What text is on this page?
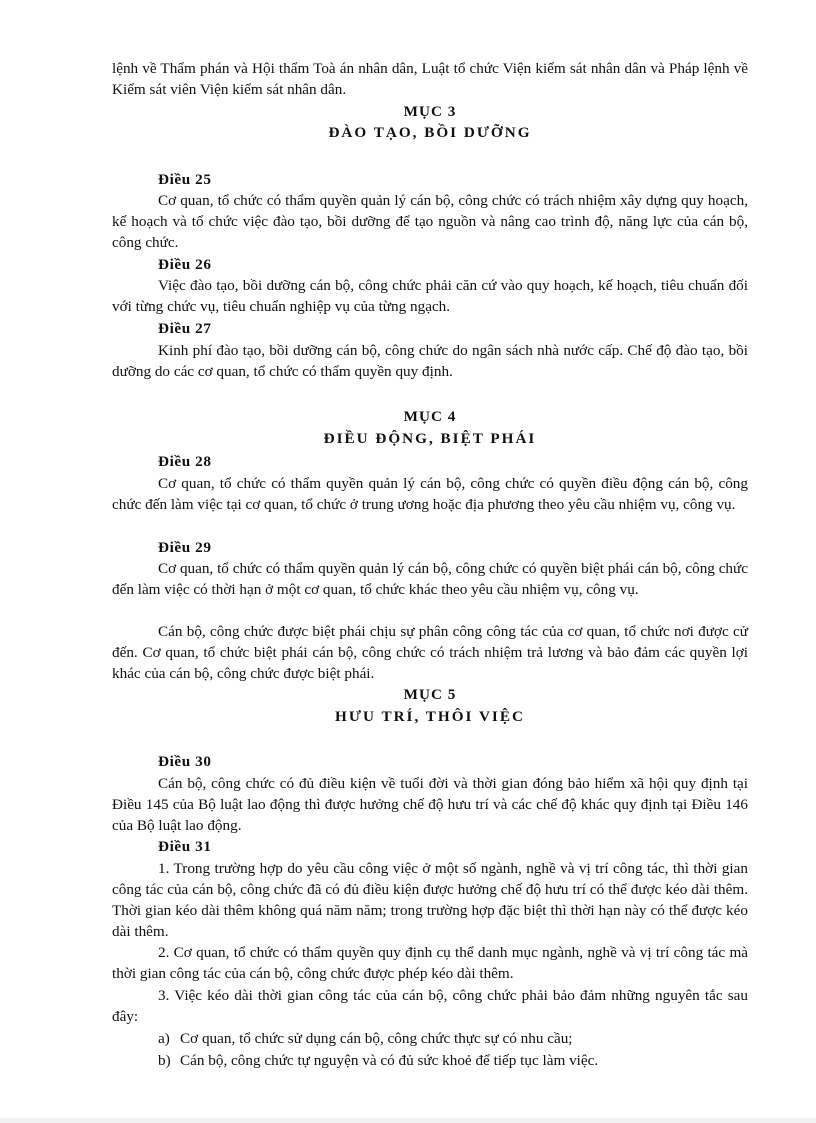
lệnh về Thẩm phán và Hội thẩm Toà án nhân dân, Luật tổ chức Viện kiểm sát nhân dân và Pháp lệnh về Kiểm sát viên Viện kiểm sát nhân dân.

MỤC 3

ĐÀO TẠO, BỒI DƯỠNG

Điều 25

Cơ quan, tổ chức có thẩm quyền quản lý cán bộ, công chức có trách nhiệm xây dựng quy hoạch, kế hoạch và tổ chức việc đào tạo, bồi dưỡng để tạo nguồn và nâng cao trình độ, năng lực của cán bộ, công chức.

Điều 26

Việc đào tạo, bồi dưỡng cán bộ, công chức phải căn cứ vào quy hoạch, kế hoạch, tiêu chuẩn đối với từng chức vụ, tiêu chuẩn nghiệp vụ của từng ngạch.

Điều 27

Kinh phí đào tạo, bồi dưỡng cán bộ, công chức do ngân sách nhà nước cấp. Chế độ đào tạo, bồi dưỡng do các cơ quan, tổ chức có thẩm quyền quy định.

MỤC 4

ĐIỀU ĐỘNG, BIỆT PHÁI

Điều 28

Cơ quan, tổ chức có thẩm quyền quản lý cán bộ, công chức có quyền điều động cán bộ, công chức đến làm việc tại cơ quan, tổ chức ở trung ương hoặc địa phương theo yêu cầu nhiệm vụ, công vụ.

Điều 29

Cơ quan, tổ chức có thẩm quyền quản lý cán bộ, công chức có quyền biệt phái cán bộ, công chức đến làm việc có thời hạn ở một cơ quan, tổ chức khác theo yêu cầu nhiệm vụ, công vụ.

Cán bộ, công chức được biệt phái chịu sự phân công công tác của cơ quan, tổ chức nơi được cử đến. Cơ quan, tổ chức biệt phái cán bộ, công chức có trách nhiệm trả lương và bảo đảm các quyền lợi khác của cán bộ, công chức được biệt phái.

MỤC 5

HƯU TRÍ, THÔI VIỆC

Điều 30

Cán bộ, công chức có đủ điều kiện về tuổi đời và thời gian đóng bảo hiểm xã hội quy định tại Điều 145 của Bộ luật lao động thì được hưởng chế độ hưu trí và các chế độ khác quy định tại Điều 146 của Bộ luật lao động.

Điều 31

1. Trong trường hợp do yêu cầu công việc ở một số ngành, nghề và vị trí công tác, thì thời gian công tác của cán bộ, công chức đã có đủ điều kiện được hưởng chế độ hưu trí có thể được kéo dài thêm. Thời gian kéo dài thêm không quá năm năm; trong trường hợp đặc biệt thì thời hạn này có thể được kéo dài thêm.

2. Cơ quan, tổ chức có thẩm quyền quy định cụ thể danh mục ngành, nghề và vị trí công tác mà thời gian công tác của cán bộ, công chức được phép kéo dài thêm.

3. Việc kéo dài thời gian công tác của cán bộ, công chức phải bảo đảm những nguyên tắc sau đây:

a) Cơ quan, tổ chức sử dụng cán bộ, công chức thực sự có nhu cầu;

b) Cán bộ, công chức tự nguyện và có đủ sức khoẻ để tiếp tục làm việc.
